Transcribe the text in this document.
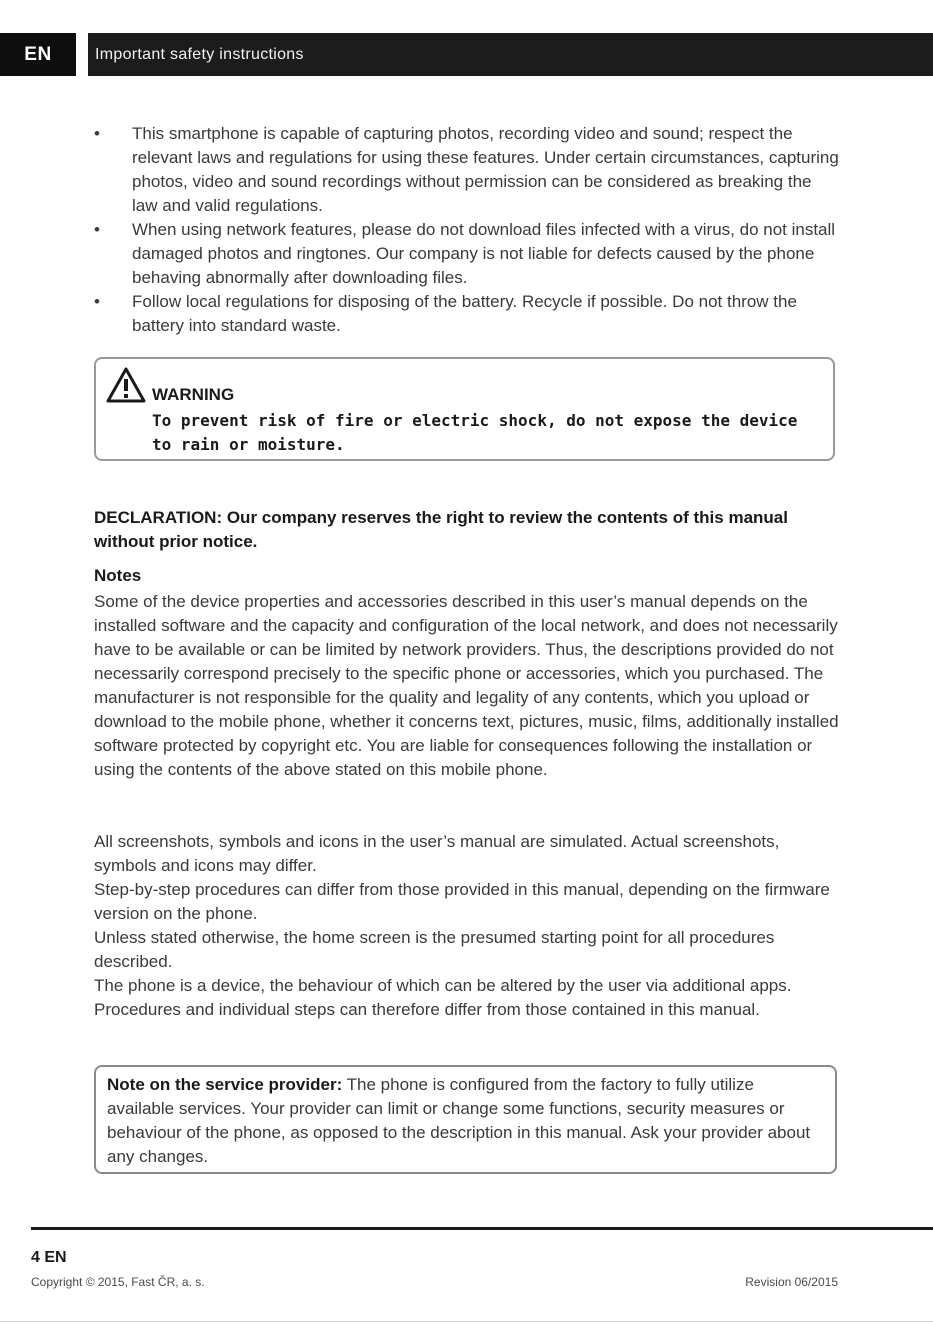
EN	Important safety instructions
• This smartphone is capable of capturing photos, recording video and sound; respect the relevant laws and regulations for using these features. Under certain circumstances, capturing photos, video and sound recordings without permission can be considered as breaking the law and valid regulations.
• When using network features, please do not download files infected with a virus, do not install damaged photos and ringtones. Our company is not liable for defects caused by the phone behaving abnormally after downloading files.
• Follow local regulations for disposing of the battery. Recycle if possible. Do not throw the battery into standard waste.
WARNING
To prevent risk of fire or electric shock, do not expose the device to rain or moisture.
DECLARATION: Our company reserves the right to review the contents of this manual without prior notice.
Notes

Some of the device properties and accessories described in this user’s manual depends on the installed software and the capacity and configuration of the local network, and does not necessarily have to be available or can be limited by network providers. Thus, the descriptions provided do not necessarily correspond precisely to the specific phone or accessories, which you purchased. The manufacturer is not responsible for the quality and legality of any contents, which you upload or download to the mobile phone, whether it concerns text, pictures, music, films, additionally installed software protected by copyright etc. You are liable for consequences following the installation or using the contents of the above stated on this mobile phone.

All screenshots, symbols and icons in the user’s manual are simulated. Actual screenshots, symbols and icons may differ.

Step-by-step procedures can differ from those provided in this manual, depending on the firmware version on the phone.

Unless stated otherwise, the home screen is the presumed starting point for all procedures described.

The phone is a device, the behaviour of which can be altered by the user via additional apps. Procedures and individual steps can therefore differ from those contained in this manual.

Note on the service provider: The phone is configured from the factory to fully utilize available services. Your provider can limit or change some functions, security measures or behaviour of the phone, as opposed to the description in this manual. Ask your provider about any changes.
4 EN
Copyright © 2015, Fast ČR, a. s.	Revision 06/2015
